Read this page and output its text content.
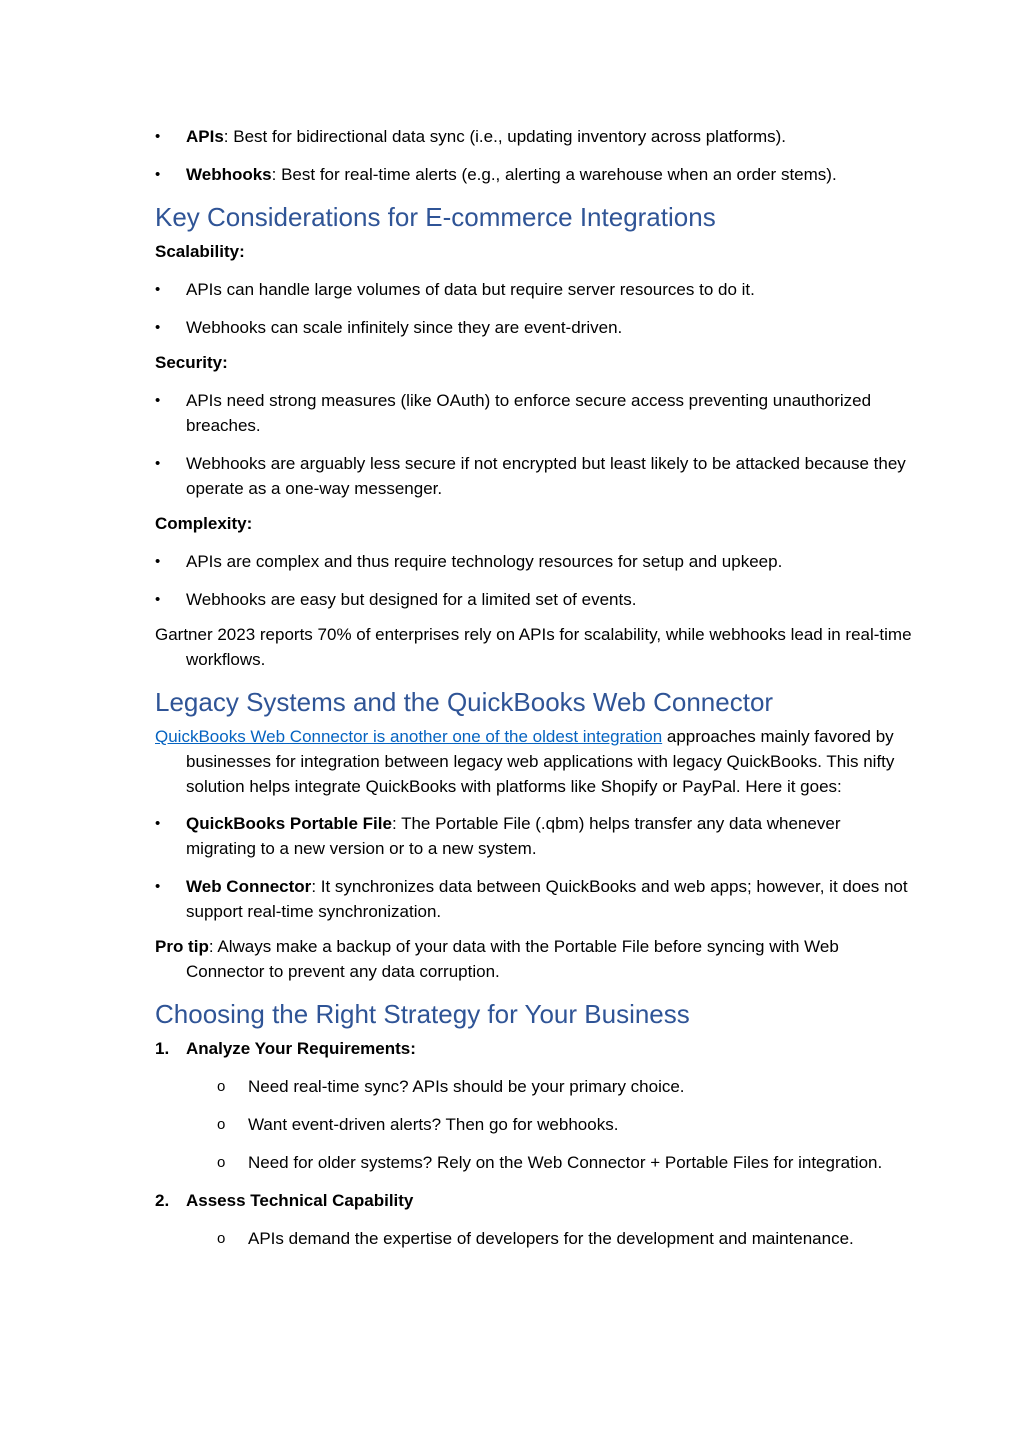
•	APIs: Best for bidirectional data sync (i.e., updating inventory across platforms).
•	Webhooks: Best for real-time alerts (e.g., alerting a warehouse when an order stems).
Key Considerations for E-commerce Integrations

Scalability:

•	APIs can handle large volumes of data but require server resources to do it.
•	Webhooks can scale infinitely since they are event-driven.

Security:

•	APIs need strong measures (like OAuth) to enforce secure access preventing unauthorized breaches.
•	Webhooks are arguably less secure if not encrypted but least likely to be attacked because they operate as a one-way messenger.

Complexity:

•	APIs are complex and thus require technology resources for setup and upkeep.
•	Webhooks are easy but designed for a limited set of events.

Gartner 2023 reports 70% of enterprises rely on APIs for scalability, while webhooks lead in real-time workflows.

Legacy Systems and the QuickBooks Web Connector

QuickBooks Web Connector is another one of the oldest integration approaches mainly favored by businesses for integration between legacy web applications with legacy QuickBooks. This nifty solution helps integrate QuickBooks with platforms like Shopify or PayPal. Here it goes:

•	QuickBooks Portable File: The Portable File (.qbm) helps transfer any data whenever migrating to a new version or to a new system.
•	Web Connector: It synchronizes data between QuickBooks and web apps; however, it does not support real-time synchronization.

Pro tip: Always make a backup of your data with the Portable File before syncing with Web Connector to prevent any data corruption.

Choosing the Right Strategy for Your Business
1. Analyze Your Requirements:
o Need real-time sync? APIs should be your primary choice.
o Want event-driven alerts? Then go for webhooks.
o Need for older systems? Rely on the Web Connector + Portable Files for integration.
2. Assess Technical Capability
o APIs demand the expertise of developers for the development and maintenance.
